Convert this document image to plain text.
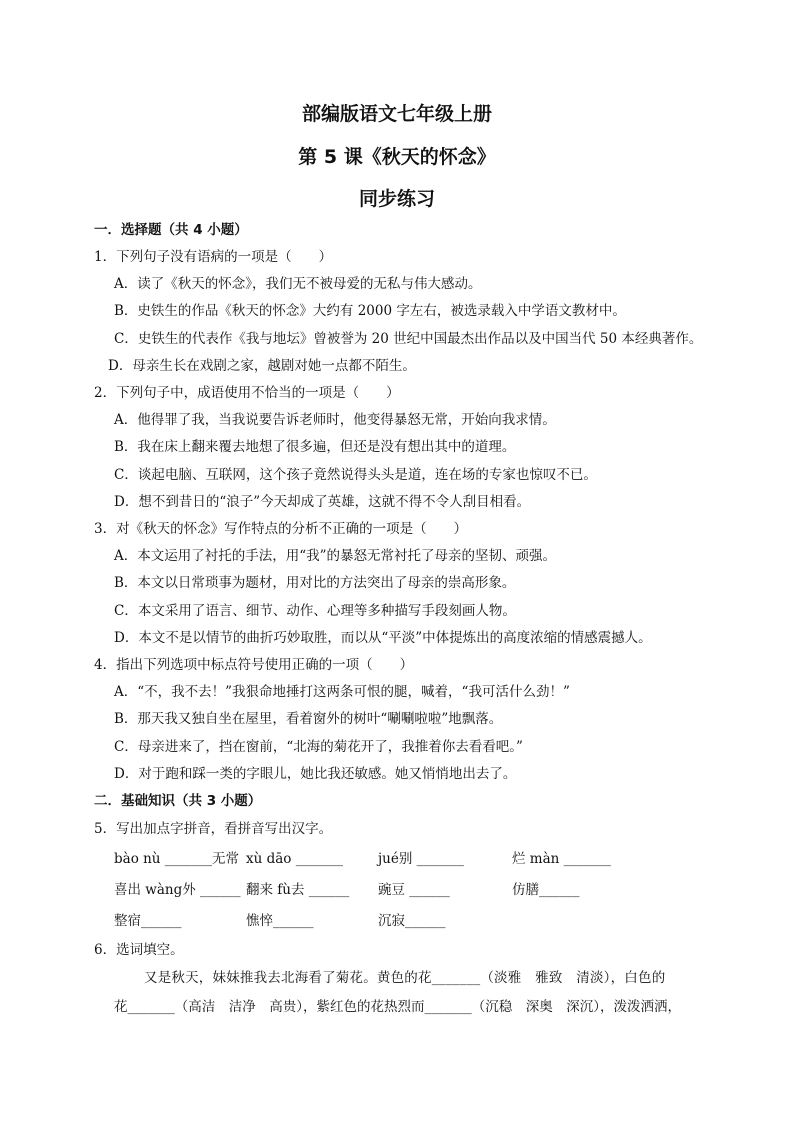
部编版语文七年级上册
第 5 课《秋天的怀念》
同步练习
一．选择题（共 4 小题）
1．下列句子没有语病的一项是（　　）
A．读了《秋天的怀念》，我们无不被母爱的无私与伟大感动。
B．史铁生的作品《秋天的怀念》大约有 2000 字左右，被选录载入中学语文教材中。
C．史铁生的代表作《我与地坛》曾被誉为 20 世纪中国最杰出作品以及中国当代 50 本经典著作。
D．母亲生长在戏剧之家，越剧对她一点都不陌生。
2．下列句子中，成语使用不恰当的一项是（　　）
A．他得罪了我，当我说要告诉老师时，他变得暴怒无常，开始向我求情。
B．我在床上翻来覆去地想了很多遍，但还是没有想出其中的道理。
C．谈起电脑、互联网，这个孩子竟然说得头头是道，连在场的专家也惊叹不已。
D．想不到昔日的“浪子”今天却成了英雄，这就不得不令人刮目相看。
3．对《秋天的怀念》写作特点的分析不正确的一项是（　　）
A．本文运用了衬托的手法，用“我”的暴怒无常衬托了母亲的坚韧、顽强。
B．本文以日常琐事为题材，用对比的方法突出了母亲的崇高形象。
C．本文采用了语言、细节、动作、心理等多种描写手段刻画人物。
D．本文不是以情节的曲折巧妙取胜，而以从“平淡”中体提炼出的高度浓缩的情感震撼人。
4．指出下列选项中标点符号使用正确的一项（　　）
A．“不，我不去！”我狠命地捶打这两条可恨的腿，喊着，“我可活什么劲！”
B．那天我又独自坐在屋里，看着窗外的树叶“唰唰啦啦”地飘落。
C．母亲进来了，挡在窗前，“北海的菊花开了，我推着你去看看吧。”
D．对于跑和踩一类的字眼儿，她比我还敏感。她又悄悄地出去了。
二．基础知识（共 3 小题）
5．写出加点字拼音，看拼音写出汉字。
bào nù _______无常 xù dāo _______	jué别 _______	烂 màn _______
喜出 wàng外 ______ 翻来 fù去 ______ 豌豆 ______	仿膳______
整宿______	憔悴______	沉寂______
6．选词填空。
又是秋天，妹妹推我去北海看了菊花。黄色的花_______（淡雅　雅致　清淡），白色的
花_______（高洁　洁净　高贵），紫红色的花热烈而_______（沉稳　深奥　深沉），泼泼洒洒，
